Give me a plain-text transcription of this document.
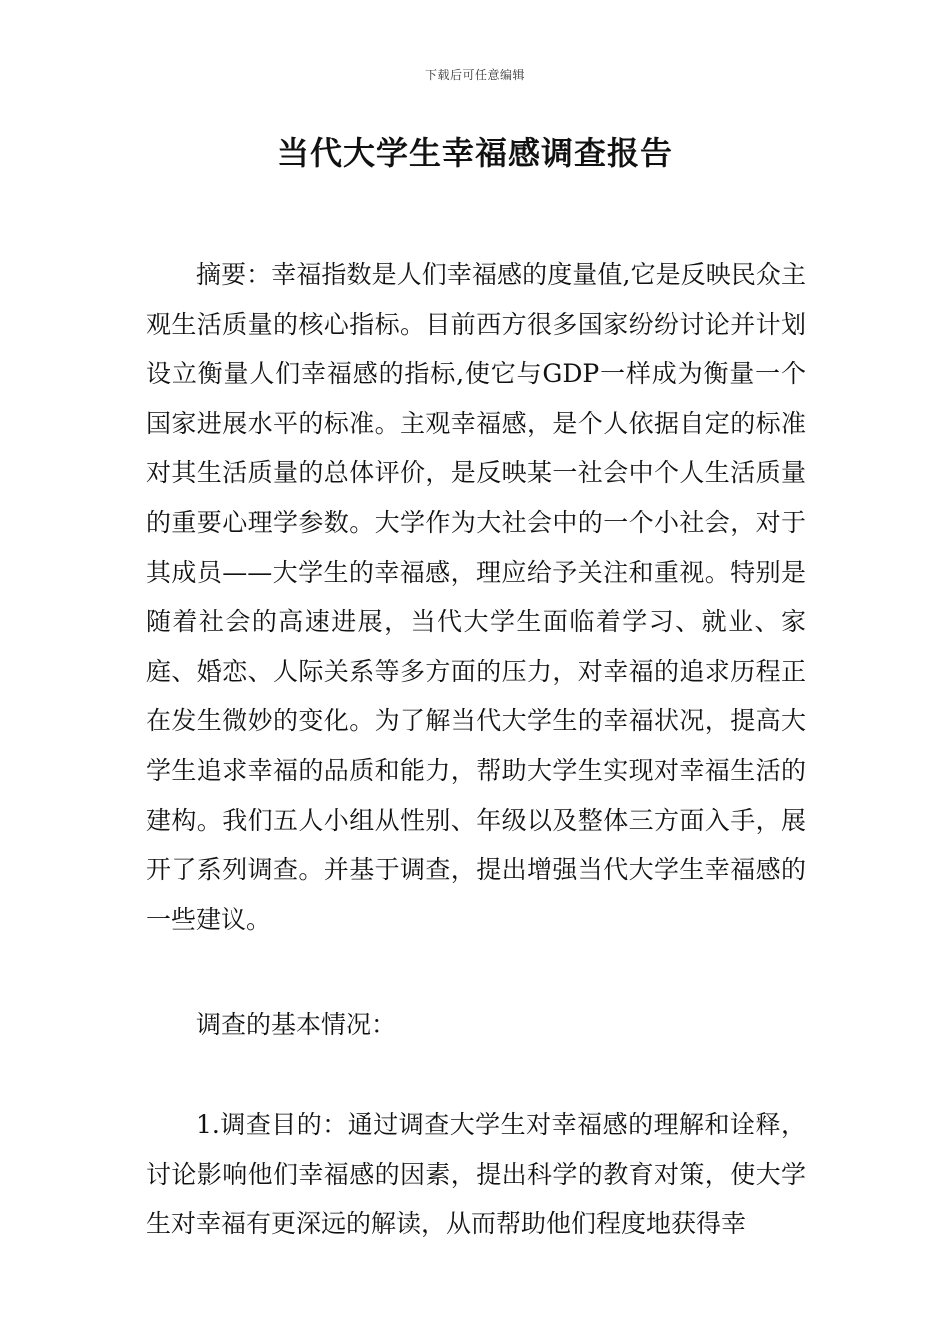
下载后可任意编辑
当代大学生幸福感调查报告

摘要：幸福指数是人们幸福感的度量值,它是反映民众主观生活质量的核心指标。目前西方很多国家纷纷讨论并计划设立衡量人们幸福感的指标,使它与GDP一样成为衡量一个国家进展水平的标准。主观幸福感，是个人依据自定的标准对其生活质量的总体评价，是反映某一社会中个人生活质量的重要心理学参数。大学作为大社会中的一个小社会，对于其成员——大学生的幸福感，理应给予关注和重视。特别是随着社会的高速进展，当代大学生面临着学习、就业、家庭、婚恋、人际关系等多方面的压力，对幸福的追求历程正在发生微妙的变化。为了解当代大学生的幸福状况，提高大学生追求幸福的品质和能力，帮助大学生实现对幸福生活的建构。我们五人小组从性别、年级以及整体三方面入手，展开了系列调查。并基于调查，提出增强当代大学生幸福感的一些建议。

调查的基本情况：

1.调查目的：通过调查大学生对幸福感的理解和诠释，讨论影响他们幸福感的因素，提出科学的教育对策，使大学生对幸福有更深远的解读，从而帮助他们程度地获得幸
